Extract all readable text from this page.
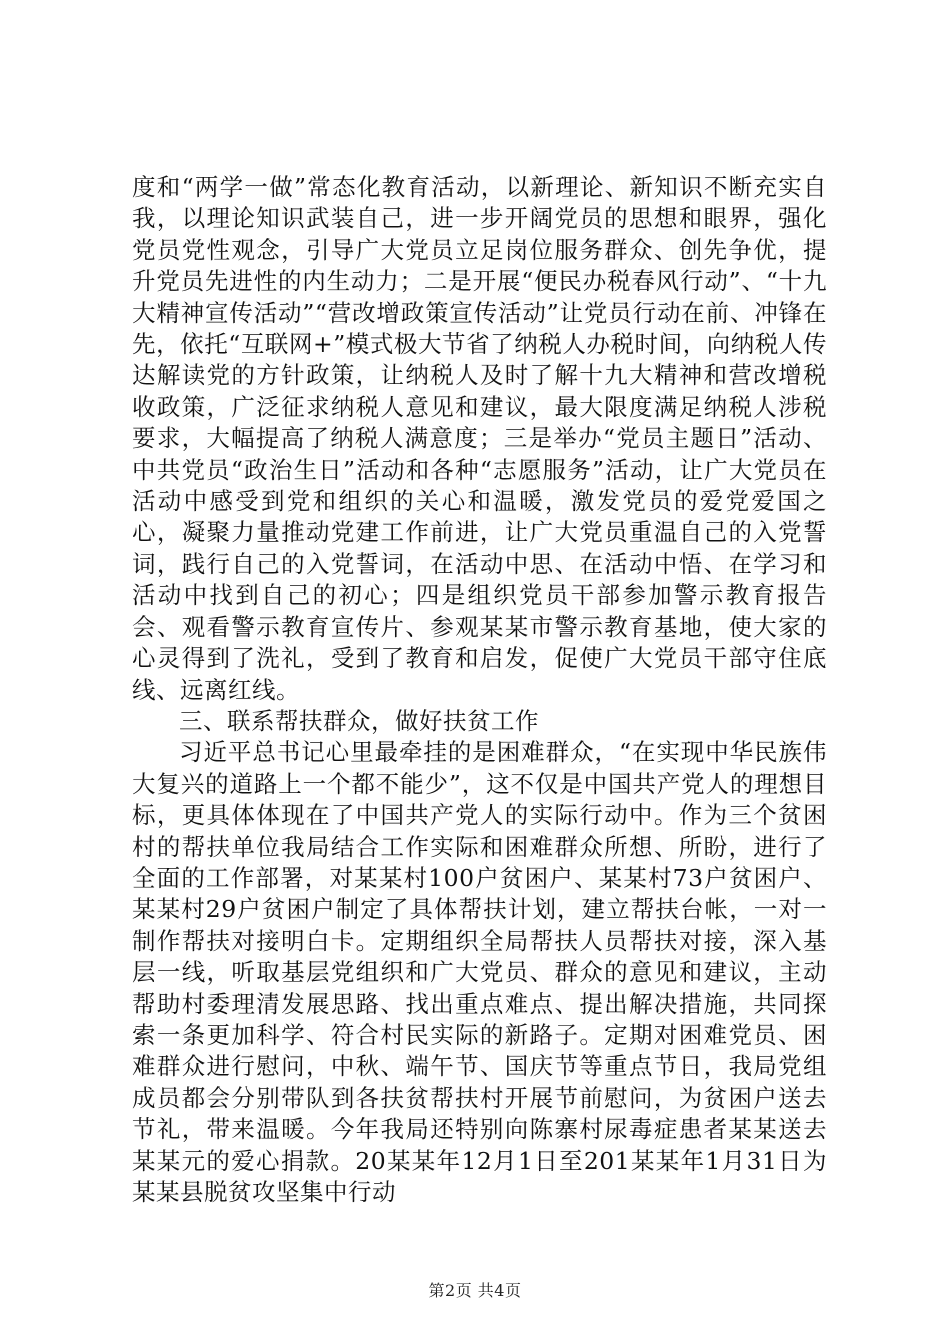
度和“两学一做”常态化教育活动，以新理论、新知识不断充实自我，以理论知识武装自己，进一步开阔党员的思想和眼界，强化党员党性观念，引导广大党员立足岗位服务群众、创先争优，提升党员先进性的内生动力；二是开展“便民办税春风行动”、“十九大精神宣传活动”“营改增政策宣传活动”让党员行动在前、冲锋在先，依托“互联网+”模式极大节省了纳税人办税时间，向纳税人传达解读党的方针政策，让纳税人及时了解十九大精神和营改增税收政策，广泛征求纳税人意见和建议，最大限度满足纳税人涉税要求，大幅提高了纳税人满意度；三是举办“党员主题日”活动、中共党员“政治生日”活动和各种“志愿服务”活动，让广大党员在活动中感受到党和组织的关心和温暖，激发党员的爱党爱国之心，凝聚力量推动党建工作前进，让广大党员重温自己的入党誓词，践行自己的入党誓词，在活动中思、在活动中悟、在学习和活动中找到自己的初心；四是组织党员干部参加警示教育报告会、观看警示教育宣传片、参观某某市警示教育基地，使大家的心灵得到了洗礼，受到了教育和启发，促使广大党员干部守住底线、远离红线。

三、联系帮扶群众，做好扶贫工作

习近平总书记心里最牵挂的是困难群众，“在实现中华民族伟大复兴的道路上一个都不能少”，这不仅是中国共产党人的理想目标，更具体体现在了中国共产党人的实际行动中。作为三个贫困村的帮扶单位我局结合工作实际和困难群众所想、所盼，进行了全面的工作部署，对某某村100户贫困户、某某村73户贫困户、某某村29户贫困户制定了具体帮扶计划，建立帮扶台帐，一对一制作帮扶对接明白卡。定期组织全局帮扶人员帮扶对接，深入基层一线，听取基层党组织和广大党员、群众的意见和建议，主动帮助村委理清发展思路、找出重点难点、提出解决措施，共同探索一条更加科学、符合村民实际的新路子。定期对困难党员、困难群众进行慰问，中秋、端午节、国庆节等重点节日，我局党组成员都会分别带队到各扶贫帮扶村开展节前慰问，为贫困户送去节礼，带来温暖。今年我局还特别向陈寨村尿毒症患者某某送去某某元的爱心捐款。20某某年12月1日至201某某年1月31日为某某县脱贫攻坚集中行动

第2页 共4页
